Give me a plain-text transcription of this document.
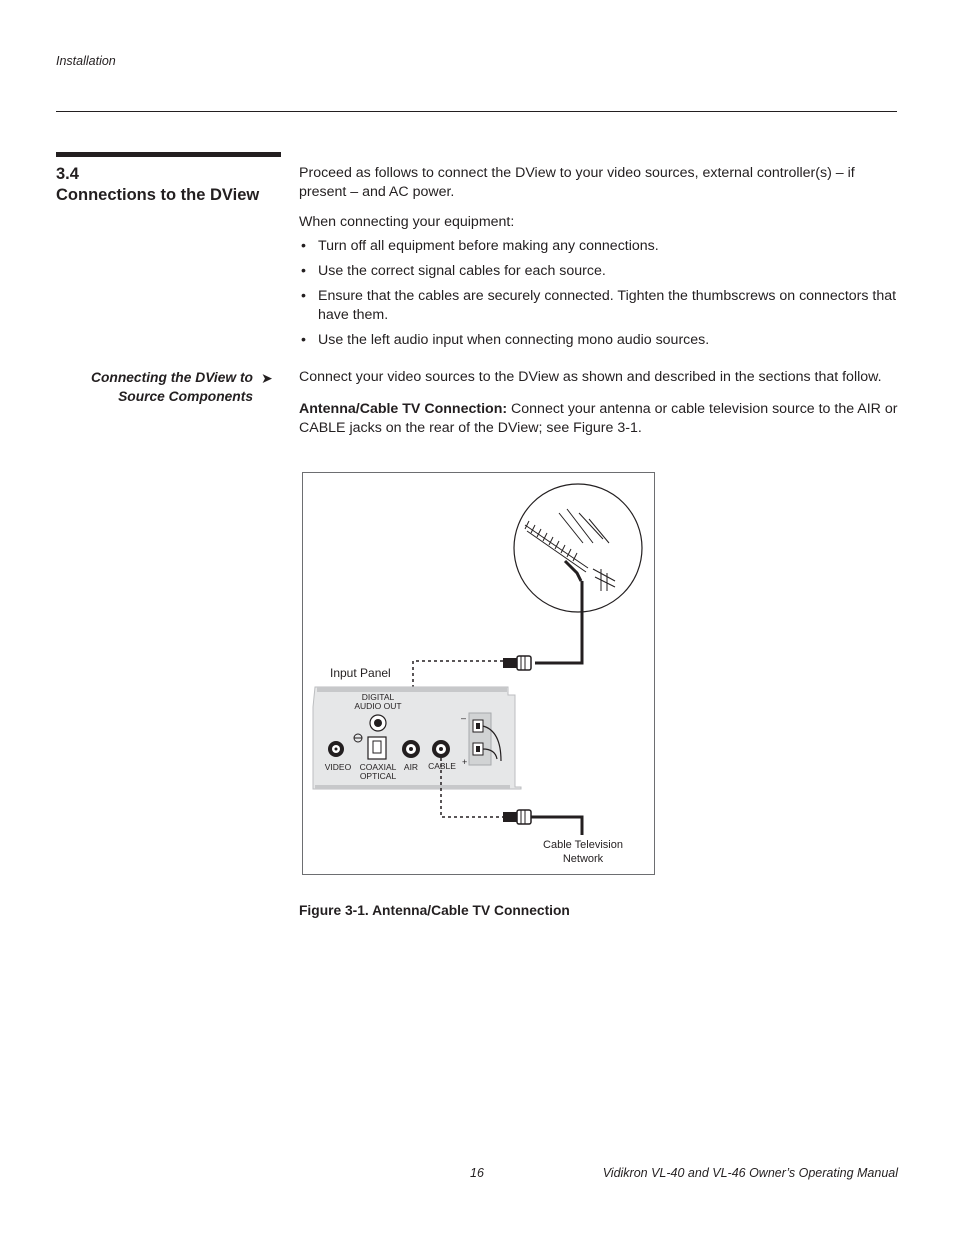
Installation
3.4
Connections to the DView
Proceed as follows to connect the DView to your video sources, external controller(s) – if present – and AC power.
When connecting your equipment:
• Turn off all equipment before making any connections.
• Use the correct signal cables for each source.
• Ensure that the cables are securely connected. Tighten the thumbscrews on connectors that have them.
• Use the left audio input when connecting mono audio sources.
Connecting the DView to
Source Components
➤ Connect your video sources to the DView as shown and described in the sections that follow.
Antenna/Cable TV Connection: Connect your antenna or cable television source to the AIR or CABLE jacks on the rear of the DView; see Figure 3-1.
Input Panel
DIGITAL
AUDIO OUT
VIDEO COAXIAL
OPTICAL
AIR CABLE
–
+
Cable Television
Network
Figure 3-1. Antenna/Cable TV Connection
16	Vidikron VL-40 and VL-46 Owner’s Operating Manual
